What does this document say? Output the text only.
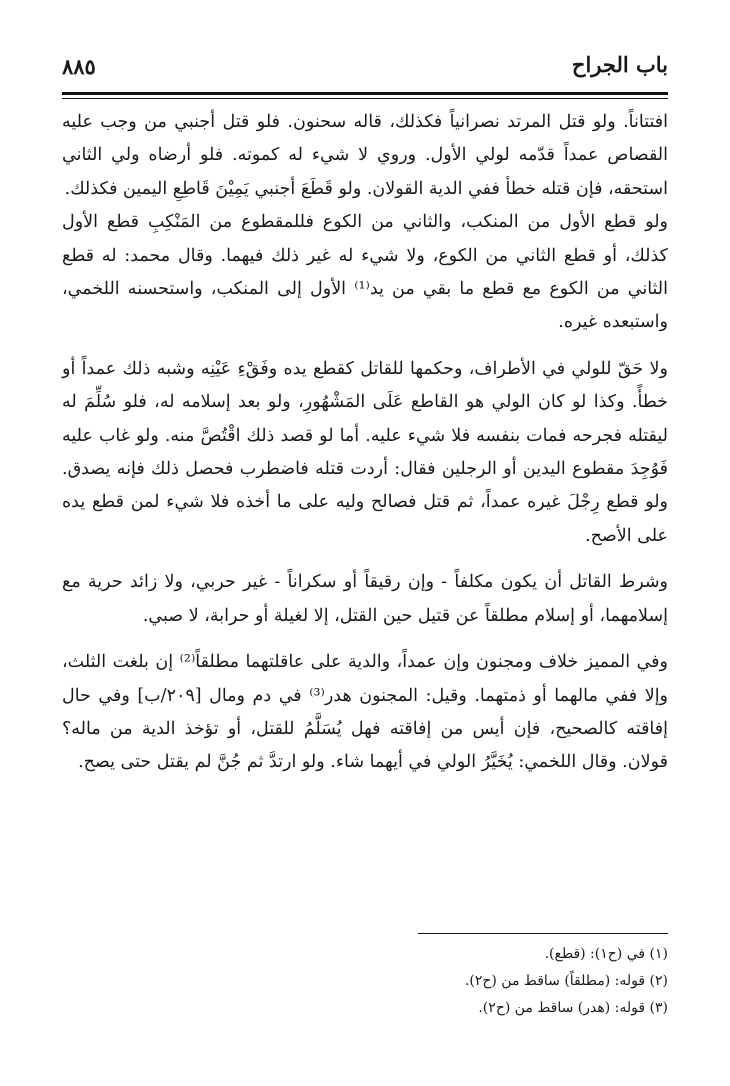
باب الجراح
٨٨٥

افتتاناً. ولو قتل المرتد نصرانياً فكذلك، قاله سحنون. فلو قتل أجنبي من وجب عليه القصاص عمداً قدّمه لولي الأول. وروي لا شيء له كموته. فلو أرضاه ولي الثاني استحقه، فإن قتله خطأ ففي الدية القولان. ولو قَطَعَ أجنبي يَمِيْنَ قَاطِعِ اليمين فكذلك.

ولو قطع الأول من المنكب، والثاني من الكوع فللمقطوع من المَنْكِبِ قطع الأول كذلك، أو قطع الثاني من الكوع، ولا شيء له غير ذلك فيهما. وقال محمد: له قطع الثاني من الكوع مع قطع ما بقي من يد⁽¹⁾ الأول إلى المنكب، واستحسنه اللخمي، واستبعده غيره.

ولا حَقّ للولي في الأطراف، وحكمها للقاتل كقطع يده وفَقْءِ عَيْنِه وشبه ذلك عمداً أو خطأً. وكذا لو كان الولي هو القاطع عَلَى المَشْهُورِ، ولو بعد إسلامه له، فلو سُلِّمَ له ليقتله فجرحه فمات بنفسه فلا شيء عليه. أما لو قصد ذلك اقْتُصَّ منه. ولو غاب عليه فَوُجِدَ مقطوع اليدين أو الرجلين فقال: أردت قتله فاضطرب فحصل ذلك فإنه يصدق. ولو قطع رِجْلَ غيره عمداً، ثم قتل فصالح وليه على ما أخذه فلا شيء لمن قطع يده على الأصح.

وشرط القاتل أن يكون مكلفاً - وإن رقيقاً أو سكراناً - غير حربي، ولا زائد حرية مع إسلامهما، أو إسلام مطلقاً عن قتيل حين القتل، إلا لغيلة أو حرابة، لا صبي.

وفي المميز خلاف ومجنون وإن عمداً، والدية على عاقلتهما مطلقاً⁽²⁾ إن بلغت الثلث، وإلا ففي مالهما أو ذمتهما. وقيل: المجنون هدر⁽³⁾ في دم ومال [٢٠٩/ب] وفي حال إفاقته كالصحيح، فإن أيس من إفاقته فهل يُسَلَّمُ للقتل، أو تؤخذ الدية من ماله؟ قولان. وقال اللخمي: يُخَيَّرُ الولي في أيهما شاء. ولو ارتدَّ ثم جُنَّ لم يقتل حتى يصح.

(١) في (ح١): (قطع).
(٢) قوله: (مطلقاً) ساقط من (ح٢).
(٣) قوله: (هدر) ساقط من (ح٢).
